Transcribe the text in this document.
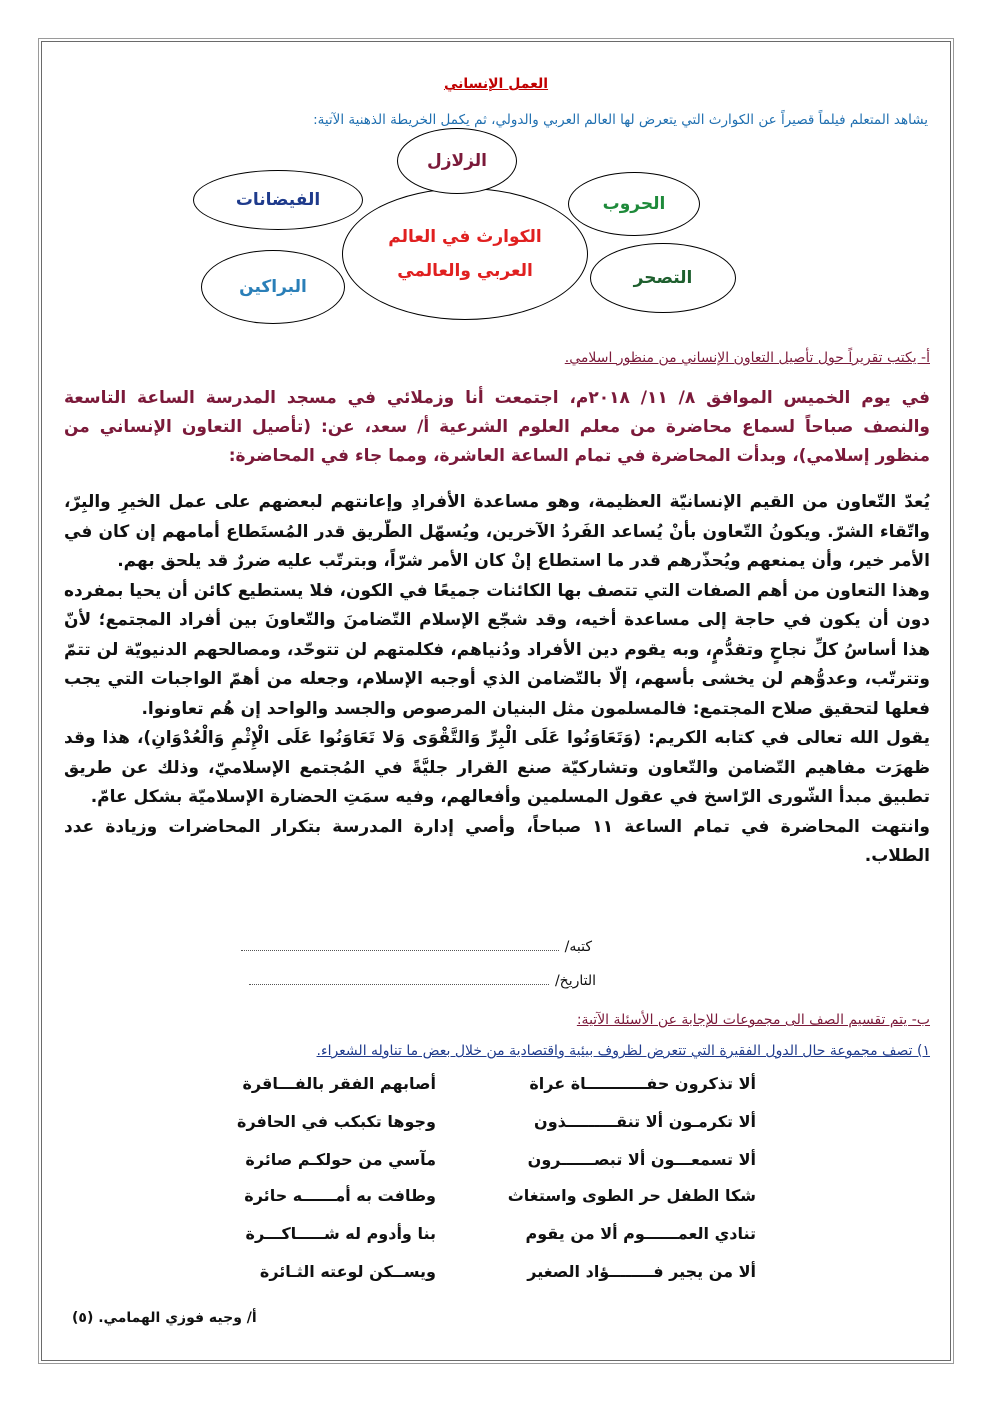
العمل الإنساني
يشاهد المتعلم فيلماً قصيراً عن الكوارث التي يتعرض لها العالم العربي والدولي، ثم يكمل الخريطة الذهنية الآتية:
الكوارث في العالم
العربي والعالمي
الزلازل
الفيضانات	الحروب
التصحر
البراكين
أ- يكتب تقريراً حول تأصيل التعاون الإنساني من منظور اسلامي.
في يوم الخميس الموافق ٨/ ١١/ ٢٠١٨م، اجتمعت أنا وزملائي في مسجد المدرسة الساعة التاسعة والنصف صباحاً لسماع محاضرة من معلم العلوم الشرعية أ/ سعد، عن: (تأصيل التعاون الإنساني من منظور إسلامي)، وبدأت المحاضرة في تمام الساعة العاشرة، ومما جاء في المحاضرة:
يُعدّ التّعاون من القيم الإنسانيّة العظيمة، وهو مساعدة الأفرادِ وإعانتهم لبعضهم على عمل الخيرِ والبِرّ، واتّقاء الشرّ. ويكونُ التّعاون بأنْ يُساعد الفَردُ الآخرين، ويُسهّل الطّريق قدر المُستَطاع أمامهم إن كان في الأمر خير، وأن يمنعهم ويُحذّرهم قدر ما استطاع إنْ كان الأمر شرّاً، وبترتّب عليه ضررٌ قد يلحق بهم.
وهذا التعاون من أهم الصفات التي تتصف بها الكائنات جميعًا في الكون، فلا يستطيع كائن أن يحيا بمفرده دون أن يكون في حاجة إلى مساعدة أخيه، وقد شجّع الإسلام التّضامنَ والتّعاونَ بين أفراد المجتمع؛ لأنّ هذا أساسُ كلِّ نجاحٍ وتقدُّمٍ، وبه يقوم دين الأفراد ودُنياهم، فكلمتهم لن تتوحّد، ومصالحهم الدنيويّة لن تتمّ وتترتّب، وعدوُّهم لن يخشى بأسهم، إلّا بالتّضامن الذي أوجبه الإسلام، وجعله من أهمّ الواجبات التي يجب فعلها لتحقيق صلاح المجتمع: فالمسلمون مثل البنيان المرصوص والجسد والواحد إن هُم تعاونوا.
يقول الله تعالى في كتابه الكريم: (وَتَعَاوَنُوا عَلَى الْبِرِّ وَالتَّقْوَى وَلا تَعَاوَنُوا عَلَى الْإِثْمِ وَالْعُدْوَانِ)، هذا وقد ظهرَت مفاهيم التّضامن والتّعاون وتشاركيّة صنع القرار جليَّةً في المُجتمع الإسلاميّ، وذلك عن طريق تطبيق مبدأ الشّورى الرّاسخ في عقول المسلمين وأفعالهم، وفيه سمَتِ الحضارة الإسلاميّة بشكل عامّ.
وانتهت المحاضرة في تمام الساعة ١١ صباحاً، وأصي إدارة المدرسة بتكرار المحاضرات وزيادة عدد الطلاب.
كتبه/
التاريخ/
ب- يتم تقسيم الصف الى مجموعات للإجابة عن الأسئلة الآتية:
١) تصف مجموعة حال الدول الفقيرة التي تتعرض لظروف بيئية واقتصادية من خلال بعض ما تناوله الشعراء.
ألا تذكرون حفـــــــــــاة عراة
أصابهم الفقر بالفـــاقرة
ألا تكرمـون ألا تنقـــــــــذون
وجوها تكبكب في الحافرة
ألا تسمعـــون ألا تبصــــــرون
مآسي من حولكـم صائرة
شكا الطفل حر الطوى واستغاث
وطافت به أمــــــه حائرة
تنادي العمــــــوم ألا من يقوم
بنا وأدوم له شـــــاكـــرة
ألا من يجير فــــــــؤاد الصغير
ويســكن لوعته الثـائرة
أ/ وجيه فوزي الهمامي. (٥)
